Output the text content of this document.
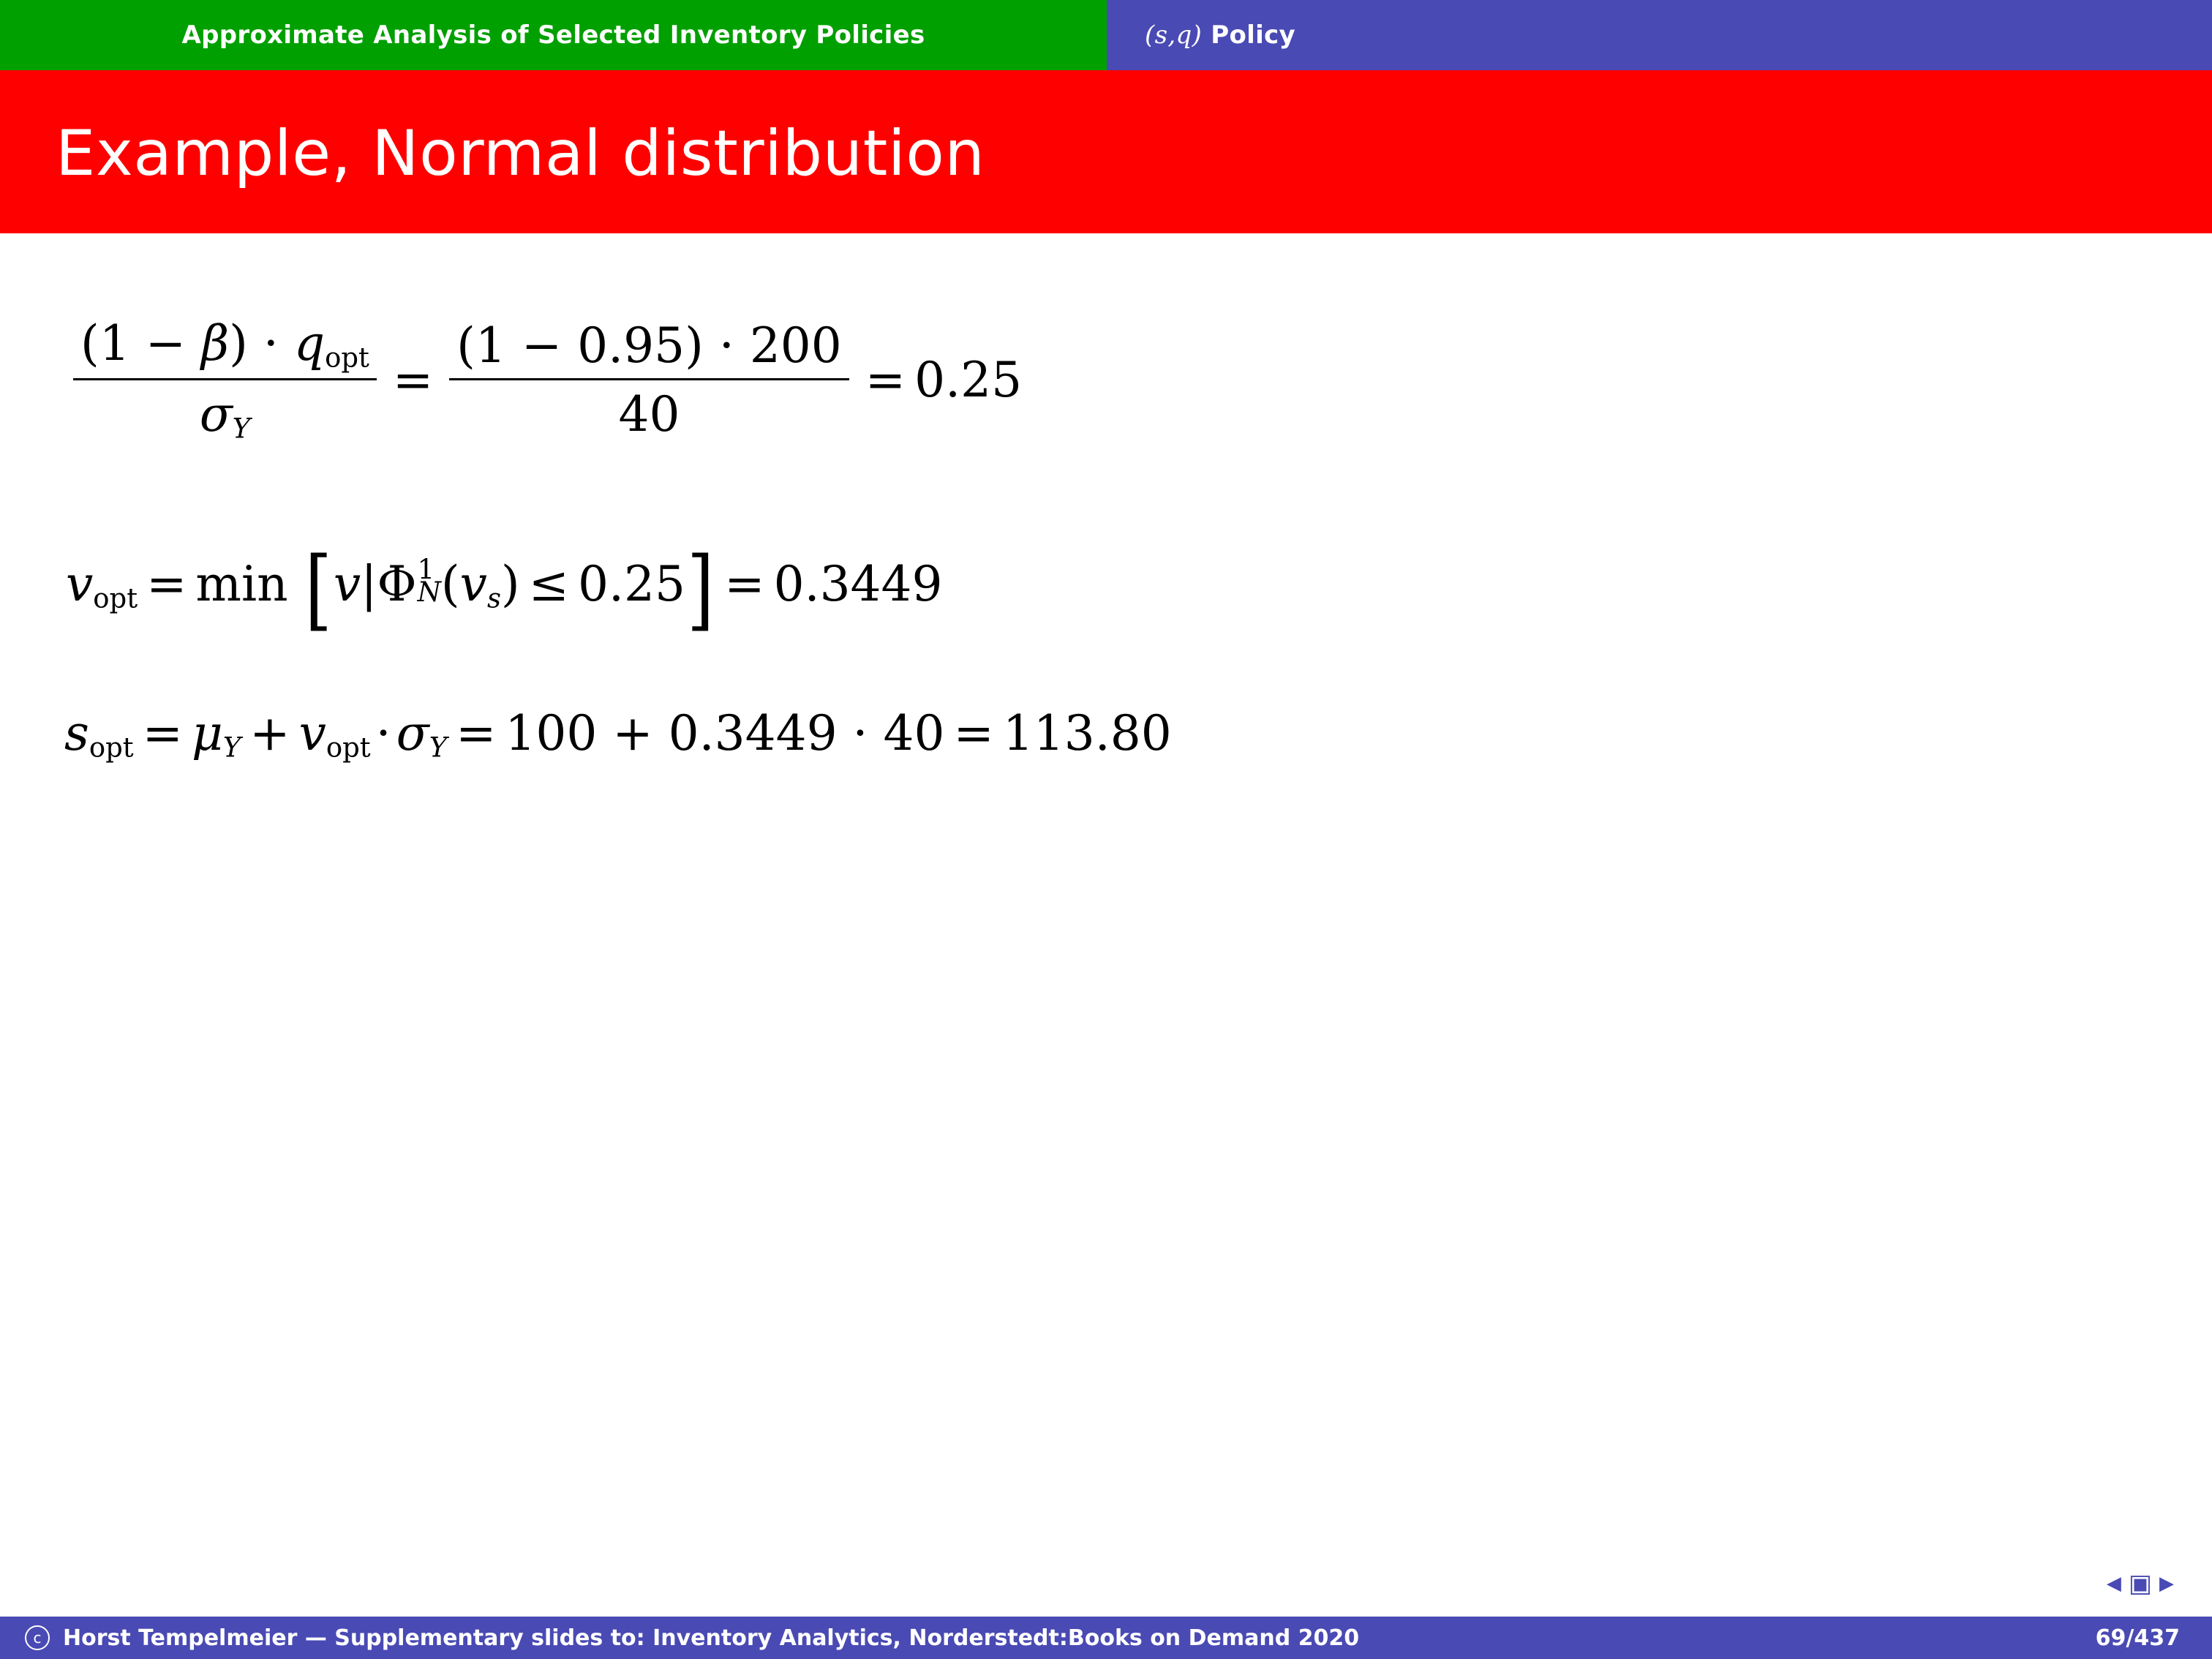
Approximate Analysis of Selected Inventory Policies	( s , q )
Policy
Example, Normal distribution
$\frac{(1 - \beta) \cdot q_{opt}}{\sigma Y} = \frac{(1 - 0.95) \cdot 200}{40} = 0.25$
$v_{opt} = \min [v|\Phi$ 1
N (vs) ≤ 0.25] = 0.3449
$s_{opt} = \mu Y + v_{opt} \cdot \sigma Y = 100 + 0.3449 \cdot 40 = 113.80$
◀ ▣ ▶
c Horst Tempelmeier — Supplementary slides to: Inventory Analytics, Norderstedt:Books on Demand 2020	69/437
